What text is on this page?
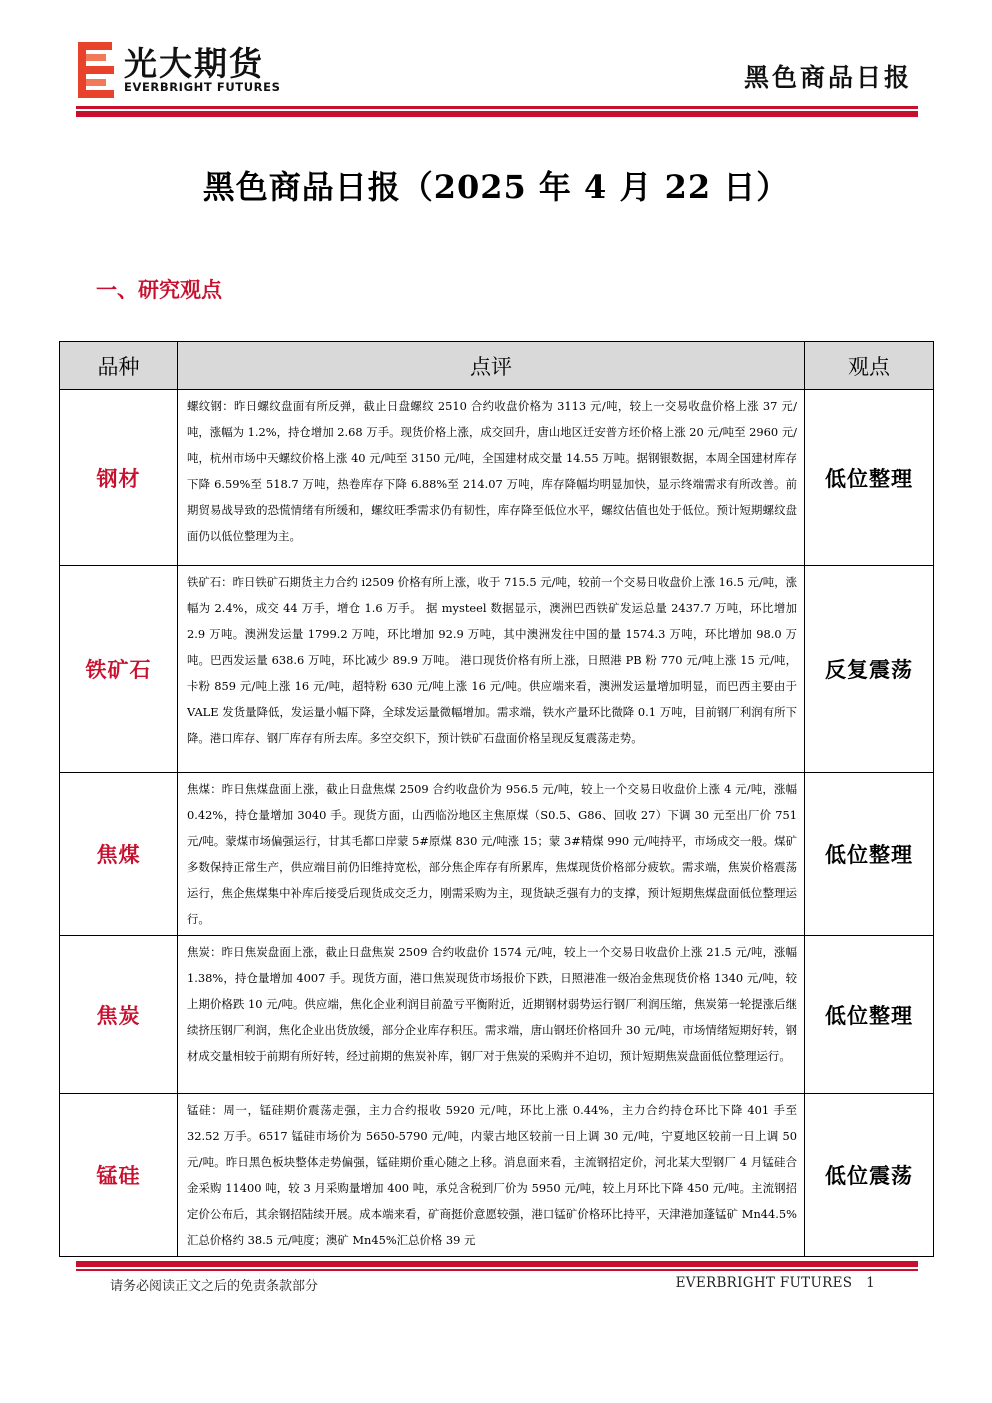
光大期货
EVERBRIGHT FUTURES	黑色商品日报
黑色商品日报（2025 年 4 月 22 日）
一、研究观点
品种	点评	观点
钢材	螺纹钢：昨日螺纹盘面有所反弹，截止日盘螺纹 2510 合约收盘价格为 3113 元/吨，较上一交易收盘价格上涨 37 元/吨，涨幅为 1.2%，持仓增加 2.68 万手。现货价格上涨，成交回升，唐山地区迁安普方坯价格上涨 20 元/吨至 2960 元/吨，杭州市场中天螺纹价格上涨 40 元/吨至 3150 元/吨，全国建材成交量 14.55 万吨。据钢银数据，本周全国建材库存下降 6.59%至 518.7 万吨，热卷库存下降 6.88%至 214.07 万吨，库存降幅均明显加快，显示终端需求有所改善。前期贸易战导致的恐慌情绪有所缓和，螺纹旺季需求仍有韧性，库存降至低位水平，螺纹估值也处于低位。预计短期螺纹盘面仍以低位整理为主。	低位整理
铁矿石	铁矿石：昨日铁矿石期货主力合约 i2509 价格有所上涨，收于 715.5 元/吨，较前一个交易日收盘价上涨 16.5 元/吨，涨幅为 2.4%，成交 44 万手，增仓 1.6 万手。 据 mysteel 数据显示，澳洲巴西铁矿发运总量 2437.7 万吨，环比增加 2.9 万吨。澳洲发运量 1799.2 万吨，环比增加 92.9 万吨，其中澳洲发往中国的量 1574.3 万吨，环比增加 98.0 万吨。巴西发运量 638.6 万吨，环比减少 89.9 万吨。 港口现货价格有所上涨，日照港 PB 粉 770 元/吨上涨 15 元/吨，卡粉 859 元/吨上涨 16 元/吨，超特粉 630 元/吨上涨 16 元/吨。供应端来看，澳洲发运量增加明显，而巴西主要由于 VALE 发货量降低，发运量小幅下降，全球发运量微幅增加。需求端，铁水产量环比微降 0.1 万吨，目前钢厂利润有所下降。港口库存、钢厂库存有所去库。多空交织下，预计铁矿石盘面价格呈现反复震荡走势。	反复震荡
焦煤	焦煤：昨日焦煤盘面上涨，截止日盘焦煤 2509 合约收盘价为 956.5 元/吨，较上一个交易日收盘价上涨 4 元/吨，涨幅 0.42%，持仓量增加 3040 手。现货方面，山西临汾地区主焦原煤（S0.5、G86、回收 27）下调 30 元至出厂价 751 元/吨。蒙煤市场偏强运行，甘其毛都口岸蒙 5#原煤 830 元/吨涨 15；蒙 3#精煤 990 元/吨持平，市场成交一般。煤矿多数保持正常生产，供应端目前仍旧维持宽松，部分焦企库存有所累库，焦煤现货价格部分疲软。需求端，焦炭价格震荡运行，焦企焦煤集中补库后接受后现货成交乏力，刚需采购为主，现货缺乏强有力的支撑，预计短期焦煤盘面低位整理运行。	低位整理
焦炭	焦炭：昨日焦炭盘面上涨，截止日盘焦炭 2509 合约收盘价 1574 元/吨，较上一个交易日收盘价上涨 21.5 元/吨，涨幅 1.38%，持仓量增加 4007 手。现货方面，港口焦炭现货市场报价下跌，日照港准一级冶金焦现货价格 1340 元/吨，较上期价格跌 10 元/吨。供应端，焦化企业利润目前盈亏平衡附近，近期钢材弱势运行钢厂利润压缩，焦炭第一轮提涨后继续挤压钢厂利润，焦化企业出货放缓，部分企业库存积压。需求端，唐山钢坯价格回升 30 元/吨，市场情绪短期好转，钢材成交量相较于前期有所好转，经过前期的焦炭补库，钢厂对于焦炭的采购并不迫切，预计短期焦炭盘面低位整理运行。	低位整理
锰硅	锰硅：周一，锰硅期价震荡走强，主力合约报收 5920 元/吨，环比上涨 0.44%，主力合约持仓环比下降 401 手至 32.52 万手。6517 锰硅市场价为 5650-5790 元/吨，内蒙古地区较前一日上调 30 元/吨，宁夏地区较前一日上调 50 元/吨。昨日黑色板块整体走势偏强，锰硅期价重心随之上移。消息面来看，主流钢招定价，河北某大型钢厂 4 月锰硅合金采购 11400 吨，较 3 月采购量增加 400 吨，承兑含税到厂价为 5950 元/吨，较上月环比下降 450 元/吨。主流钢招定价公布后，其余钢招陆续开展。成本端来看，矿商挺价意愿较强，港口锰矿价格环比持平，天津港加蓬锰矿 Mn44.5%汇总价格约 38.5 元/吨度；澳矿 Mn45%汇总价格 39 元	低位震荡
请务必阅读正文之后的免责条款部分	EVERBRIGHT FUTURES 1
